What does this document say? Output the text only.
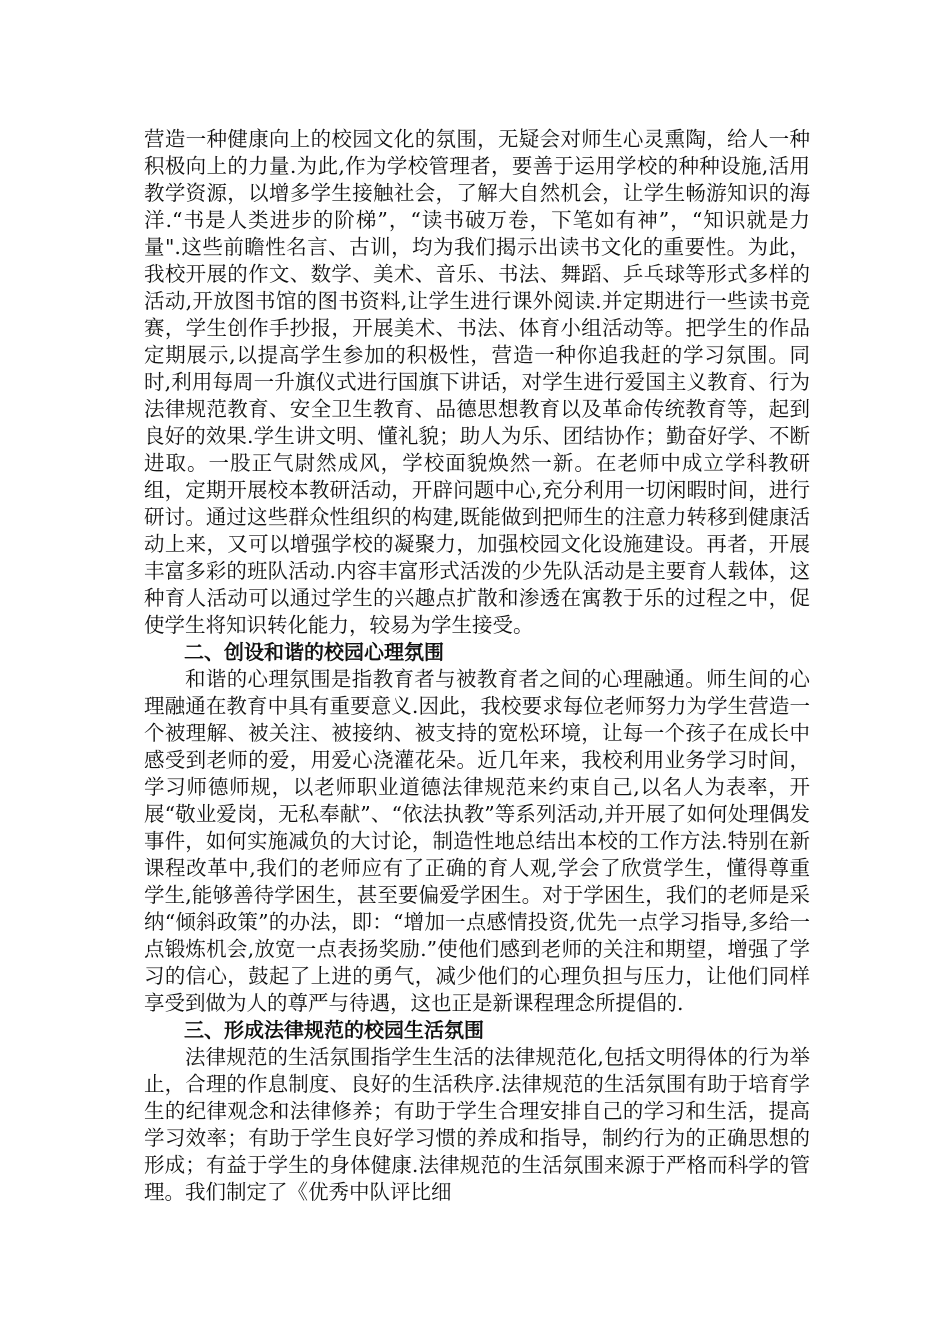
营造一种健康向上的校园文化的氛围，无疑会对师生心灵熏陶，给人一种积极向上的力量.为此,作为学校管理者，要善于运用学校的种种设施,活用教学资源，以增多学生接触社会，了解大自然机会，让学生畅游知识的海洋.“书是人类进步的阶梯”，“读书破万卷，下笔如有神”，“知识就是力量".这些前瞻性名言、古训，均为我们揭示出读书文化的重要性。为此，我校开展的作文、数学、美术、音乐、书法、舞蹈、乒乓球等形式多样的活动,开放图书馆的图书资料,让学生进行课外阅读.并定期进行一些读书竞赛，学生创作手抄报，开展美术、书法、体育小组活动等。把学生的作品定期展示,以提高学生参加的积极性，营造一种你追我赶的学习氛围。同时,利用每周一升旗仪式进行国旗下讲话，对学生进行爱国主义教育、行为法律规范教育、安全卫生教育、品德思想教育以及革命传统教育等，起到良好的效果.学生讲文明、懂礼貌；助人为乐、团结协作；勤奋好学、不断进取。一股正气尉然成风，学校面貌焕然一新。在老师中成立学科教研组，定期开展校本教研活动，开辟问题中心,充分利用一切闲暇时间，进行研讨。通过这些群众性组织的构建,既能做到把师生的注意力转移到健康活动上来，又可以增强学校的凝聚力，加强校园文化设施建设。再者，开展丰富多彩的班队活动.内容丰富形式活泼的少先队活动是主要育人载体，这种育人活动可以通过学生的兴趣点扩散和渗透在寓教于乐的过程之中，促使学生将知识转化能力，较易为学生接受。

二、创设和谐的校园心理氛围

和谐的心理氛围是指教育者与被教育者之间的心理融通。师生间的心理融通在教育中具有重要意义.因此，我校要求每位老师努力为学生营造一个被理解、被关注、被接纳、被支持的宽松环境，让每一个孩子在成长中感受到老师的爱，用爱心浇灌花朵。近几年来，我校利用业务学习时间，学习师德师规，以老师职业道德法律规范来约束自己,以名人为表率，开展“敬业爱岗，无私奉献”、“依法执教”等系列活动,并开展了如何处理偶发事件，如何实施减负的大讨论，制造性地总结出本校的工作方法.特别在新课程改革中,我们的老师应有了正确的育人观,学会了欣赏学生，懂得尊重学生,能够善待学困生，甚至要偏爱学困生。对于学困生，我们的老师是采纳“倾斜政策”的办法，即：“增加一点感情投资,优先一点学习指导,多给一点锻炼机会,放宽一点表扬奖励.”使他们感到老师的关注和期望，增强了学习的信心，鼓起了上进的勇气，减少他们的心理负担与压力，让他们同样享受到做为人的尊严与待遇，这也正是新课程理念所提倡的.

三、形成法律规范的校园生活氛围

法律规范的生活氛围指学生生活的法律规范化,包括文明得体的行为举止，合理的作息制度、良好的生活秩序.法律规范的生活氛围有助于培育学生的纪律观念和法律修养；有助于学生合理安排自己的学习和生活，提高学习效率；有助于学生良好学习惯的养成和指导，制约行为的正确思想的形成；有益于学生的身体健康.法律规范的生活氛围来源于严格而科学的管理。我们制定了《优秀中队评比细
